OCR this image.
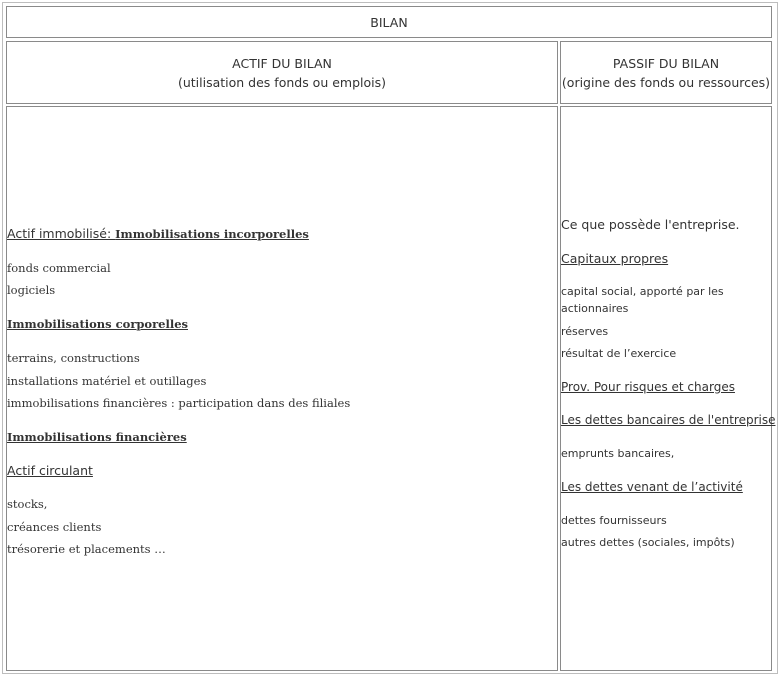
BILAN
ACTIF DU BILAN
(utilisation des fonds ou emplois)
PASSIF DU BILAN
(origine des fonds ou ressources)
Actif immobilisé: Immobilisations incorporelles
fonds commercial
logiciels
Immobilisations corporelles
terrains, constructions
installations matériel et outillages
immobilisations financières : participation dans des filiales
Immobilisations financières
Actif circulant
stocks,
créances clients
trésorerie et placements …
Ce que possède l'entreprise.
Capitaux propres
capital social, apporté par les
actionnaires
réserves
résultat de l’exercice
Prov. Pour risques et charges
Les dettes bancaires de l'entreprise
emprunts bancaires,
Les dettes venant de l’activité
dettes fournisseurs
autres dettes (sociales, impôts)
